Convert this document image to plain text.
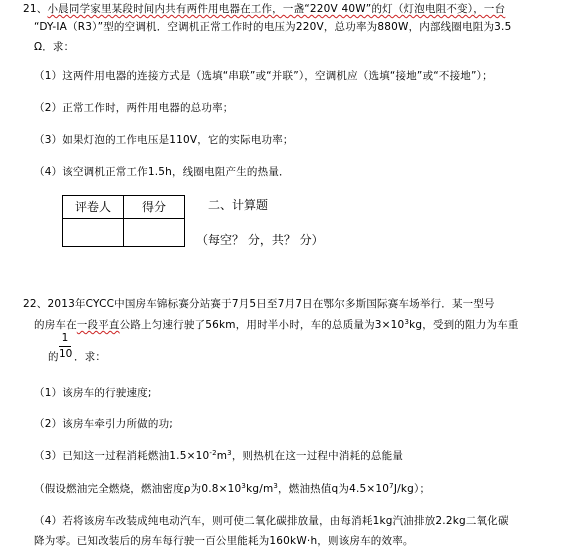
21、小晨同学家里某段时间内共有两件用电器在工作，一盏“220V 40W”的灯（灯泡电阻不变），一台
“DY-IA（R3）”型的空调机．空调机正常工作时的电压为220V，总功率为880W，内部线圈电阻为3.5
Ω．求：
（1）这两件用电器的连接方式是（选填“串联”或“并联”），空调机应（选填“接地”或“不接地”）；
（2）正常工作时，两件用电器的总功率；
（3）如果灯泡的工作电压是110V，它的实际电功率；
（4）该空调机正常工作1.5h，线圈电阻产生的热量．
评卷人	得分
		二、计算题
（每空？ 分，共？ 分）
22、2013年CYCC中国房车锦标赛分站赛于7月5日至7月7日在鄂尔多斯国际赛车场举行．某一型号
的房车在一段平直公路上匀速行驶了56km，用时半小时，车的总质量为$3\times 10^3kg$，受到的阻力为车重
1
10
的 ．求：
（1）该房车的行驶速度;
（2）该房车牵引力所做的功;
（3）已知这一过程消耗燃油$1.5\times 10^{-2}m^3$，则热机在这一过程中消耗的总能量
（假设燃油完全燃烧，燃油密度ρ为$0.8\times 10^3kg/m^3$，燃油热值q为$4.5\times 10^7J/kg$）；
（4）若将该房车改装成纯电动汽车，则可使二氧化碳排放量，由每消耗1kg汽油排放2.2kg二氧化碳
降为零。已知改装后的房车每行驶一百公里能耗为160kW·h，则该房车的效率。
